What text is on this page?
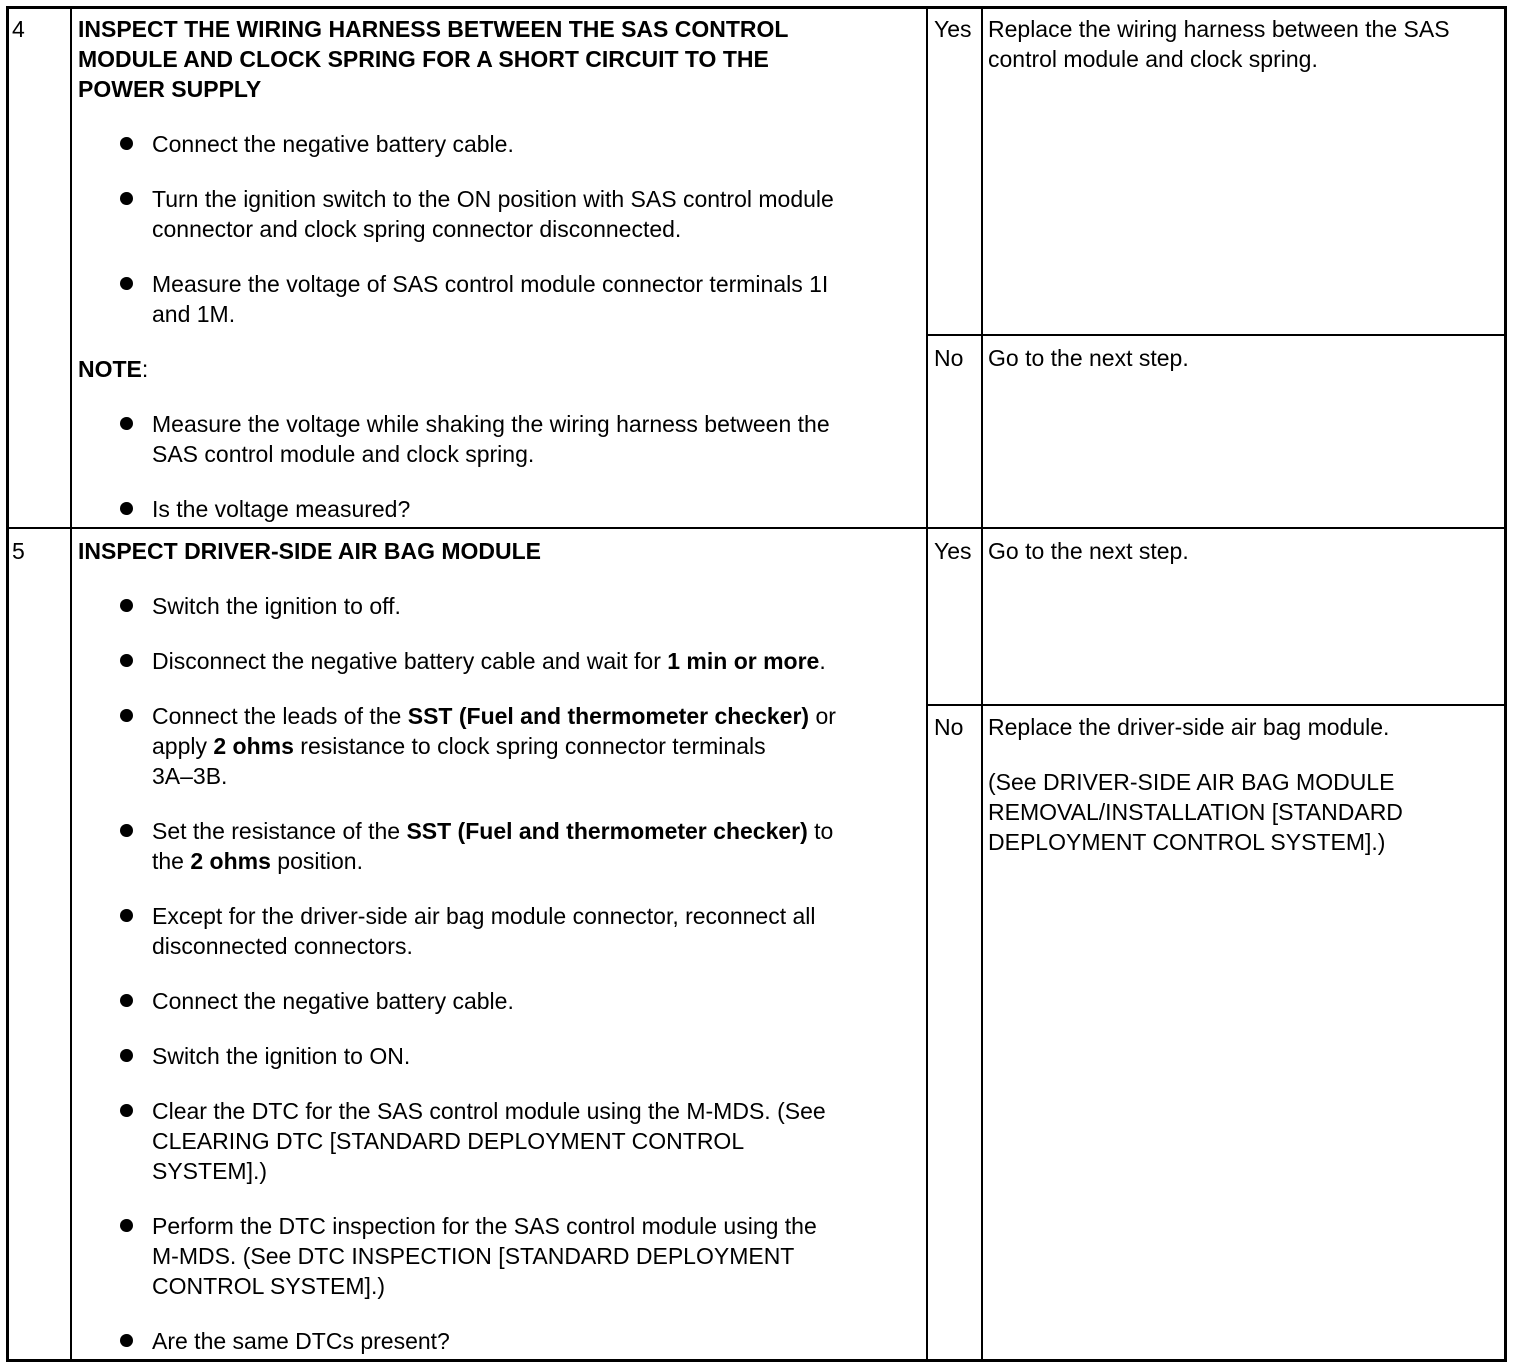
4 INSPECT THE WIRING HARNESS BETWEEN THE SAS CONTROL
MODULE AND CLOCK SPRING FOR A SHORT CIRCUIT TO THE
POWER SUPPLY
Connect the negative battery cable.
Turn the ignition switch to the ON position with SAS control module
connector and clock spring connector disconnected.
Measure the voltage of SAS control module connector terminals 1I
and 1M.
NOTE:
Measure the voltage while shaking the wiring harness between the
SAS control module and clock spring.
Is the voltage measured?
Yes Replace the wiring harness between the SAS
control module and clock spring.
No Go to the next step.
5 INSPECT DRIVER-SIDE AIR BAG MODULE
Switch the ignition to off.
Disconnect the negative battery cable and wait for 1 min or more.
Connect the leads of the SST (Fuel and thermometer checker) or
apply 2 ohms resistance to clock spring connector terminals
3A–3B.
Set the resistance of the SST (Fuel and thermometer checker) to
the 2 ohms position.
Except for the driver-side air bag module connector, reconnect all
disconnected connectors.
Connect the negative battery cable.
Switch the ignition to ON.
Clear the DTC for the SAS control module using the M-MDS. (See
CLEARING DTC [STANDARD DEPLOYMENT CONTROL
SYSTEM].)
Perform the DTC inspection for the SAS control module using the
M-MDS. (See DTC INSPECTION [STANDARD DEPLOYMENT
CONTROL SYSTEM].)
Are the same DTCs present?
Yes Go to the next step.
No Replace the driver-side air bag module.
(See DRIVER-SIDE AIR BAG MODULE
REMOVAL/INSTALLATION [STANDARD
DEPLOYMENT CONTROL SYSTEM].)
